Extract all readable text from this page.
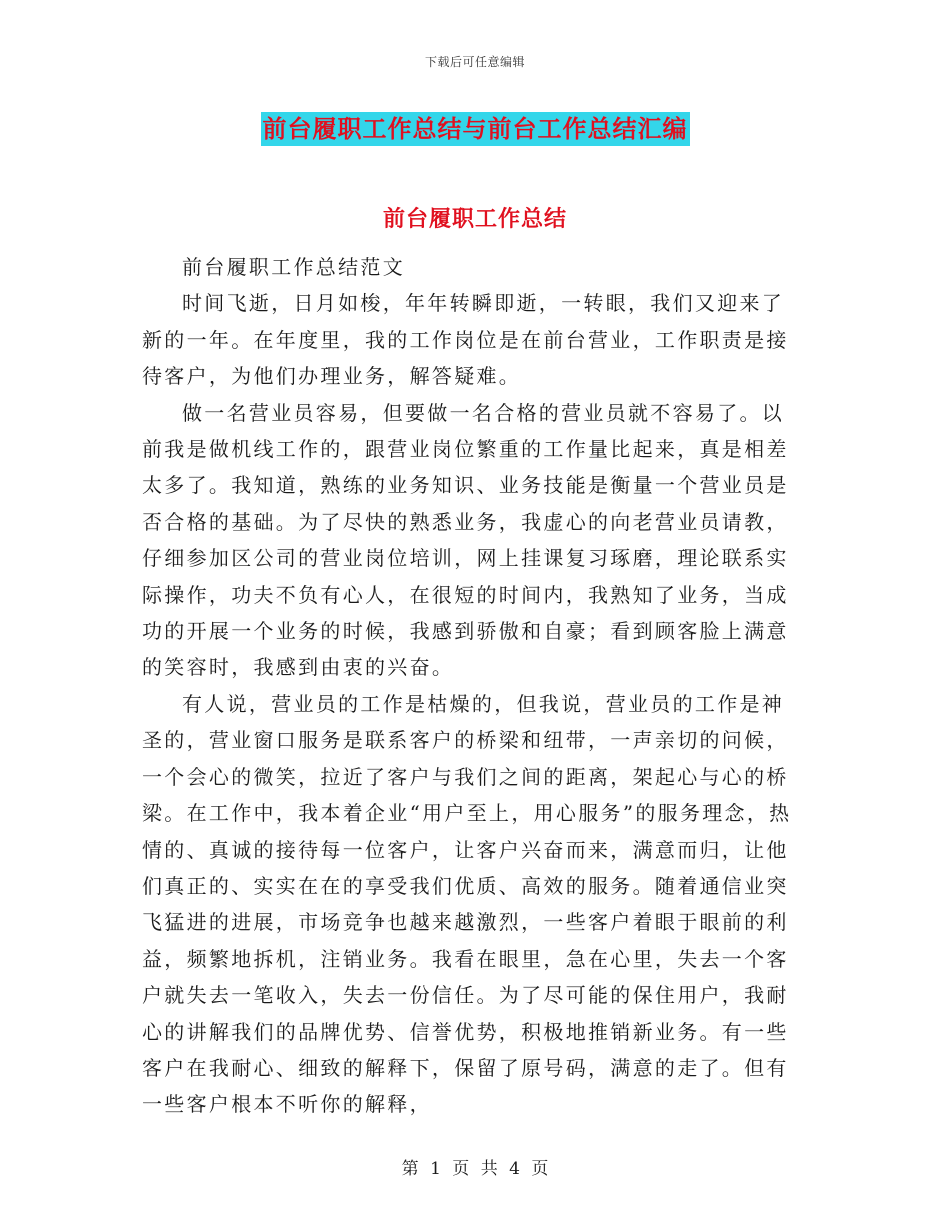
下载后可任意编辑
前台履职工作总结与前台工作总结汇编
前台履职工作总结

前台履职工作总结范文

时间飞逝，日月如梭，年年转瞬即逝，一转眼，我们又迎来了新的一年。在年度里，我的工作岗位是在前台营业，工作职责是接待客户，为他们办理业务，解答疑难。

做一名营业员容易，但要做一名合格的营业员就不容易了。以前我是做机线工作的，跟营业岗位繁重的工作量比起来，真是相差太多了。我知道，熟练的业务知识、业务技能是衡量一个营业员是否合格的基础。为了尽快的熟悉业务，我虚心的向老营业员请教，仔细参加区公司的营业岗位培训，网上挂课复习琢磨，理论联系实际操作，功夫不负有心人，在很短的时间内，我熟知了业务，当成功的开展一个业务的时候，我感到骄傲和自豪；看到顾客脸上满意的笑容时，我感到由衷的兴奋。

有人说，营业员的工作是枯燥的，但我说，营业员的工作是神圣的，营业窗口服务是联系客户的桥梁和纽带，一声亲切的问候，一个会心的微笑，拉近了客户与我们之间的距离，架起心与心的桥梁。在工作中，我本着企业“用户至上，用心服务”的服务理念，热情的、真诚的接待每一位客户，让客户兴奋而来，满意而归，让他们真正的、实实在在的享受我们优质、高效的服务。随着通信业突飞猛进的进展，市场竞争也越来越激烈，一些客户着眼于眼前的利益，频繁地拆机，注销业务。我看在眼里，急在心里，失去一个客户就失去一笔收入，失去一份信任。为了尽可能的保住用户，我耐心的讲解我们的品牌优势、信誉优势，积极地推销新业务。有一些客户在我耐心、细致的解释下，保留了原号码，满意的走了。但有一些客户根本不听你的解释，

第 1 页 共 4 页
